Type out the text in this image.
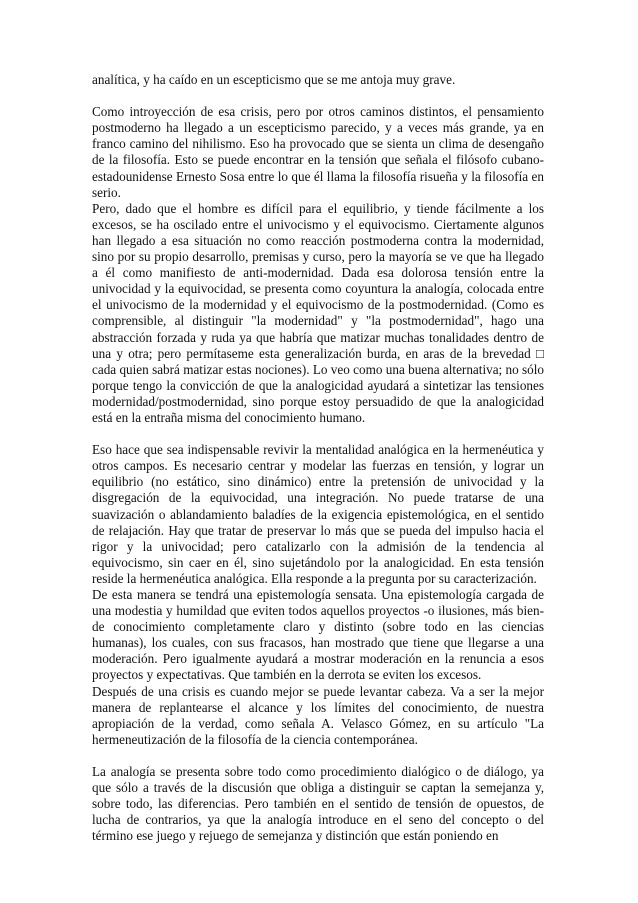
analítica, y ha caído en un escepticismo que se me antoja muy grave.

Como introyección de esa crisis, pero por otros caminos distintos, el pensamiento postmoderno ha llegado a un escepticismo parecido, y a veces más grande, ya en franco camino del nihilismo. Eso ha provocado que se sienta un clima de desengaño de la filosofía. Esto se puede encontrar en la tensión que señala el filósofo cubano-estadounidense Ernesto Sosa entre lo que él llama la filosofía risueña y la filosofía en serio.

Pero, dado que el hombre es difícil para el equilibrio, y tiende fácilmente a los excesos, se ha oscilado entre el univocismo y el equivocismo. Ciertamente algunos han llegado a esa situación no como reacción postmoderna contra la modernidad, sino por su propio desarrollo, premisas y curso, pero la mayoría se ve que ha llegado a él como manifiesto de anti-modernidad. Dada esa dolorosa tensión entre la univocidad y la equivocidad, se presenta como coyuntura la analogía, colocada entre el univocismo de la modernidad y el equivocismo de la postmodernidad. (Como es comprensible, al distinguir "la modernidad" y "la postmodernidad", hago una abstracción forzada y ruda ya que habría que matizar muchas tonalidades dentro de una y otra; pero permítaseme esta generalización burda, en aras de la brevedad □ cada quien sabrá matizar estas nociones). Lo veo como una buena alternativa; no sólo porque tengo la convicción de que la analogicidad ayudará a sintetizar las tensiones modernidad/postmodernidad, sino porque estoy persuadido de que la analogicidad está en la entraña misma del conocimiento humano.

Eso hace que sea indispensable revivir la mentalidad analógica en la hermenéutica y otros campos. Es necesario centrar y modelar las fuerzas en tensión, y lograr un equilibrio (no estático, sino dinámico) entre la pretensión de univocidad y la disgregación de la equivocidad, una integración. No puede tratarse de una suavización o ablandamiento baladíes de la exigencia epistemológica, en el sentido de relajación. Hay que tratar de preservar lo más que se pueda del impulso hacia el rigor y la univocidad; pero catalizarlo con la admisión de la tendencia al equivocismo, sin caer en él, sino sujetándolo por la analogicidad. En esta tensión reside la hermenéutica analógica. Ella responde a la pregunta por su caracterización.

De esta manera se tendrá una epistemología sensata. Una epistemología cargada de una modestia y humildad que eviten todos aquellos proyectos -o ilusiones, más bien- de conocimiento completamente claro y distinto (sobre todo en las ciencias humanas), los cuales, con sus fracasos, han mostrado que tiene que llegarse a una moderación. Pero igualmente ayudará a mostrar moderación en la renuncia a esos proyectos y expectativas. Que también en la derrota se eviten los excesos.

Después de una crisis es cuando mejor se puede levantar cabeza. Va a ser la mejor manera de replantearse el alcance y los límites del conocimiento, de nuestra apropiación de la verdad, como señala A. Velasco Gómez, en su artículo "La hermeneutización de la filosofía de la ciencia contemporánea.

La analogía se presenta sobre todo como procedimiento dialógico o de diálogo, ya que sólo a través de la discusión que obliga a distinguir se captan la semejanza y, sobre todo, las diferencias. Pero también en el sentido de tensión de opuestos, de lucha de contrarios, ya que la analogía introduce en el seno del concepto o del término ese juego y rejuego de semejanza y distinción que están poniendo en
